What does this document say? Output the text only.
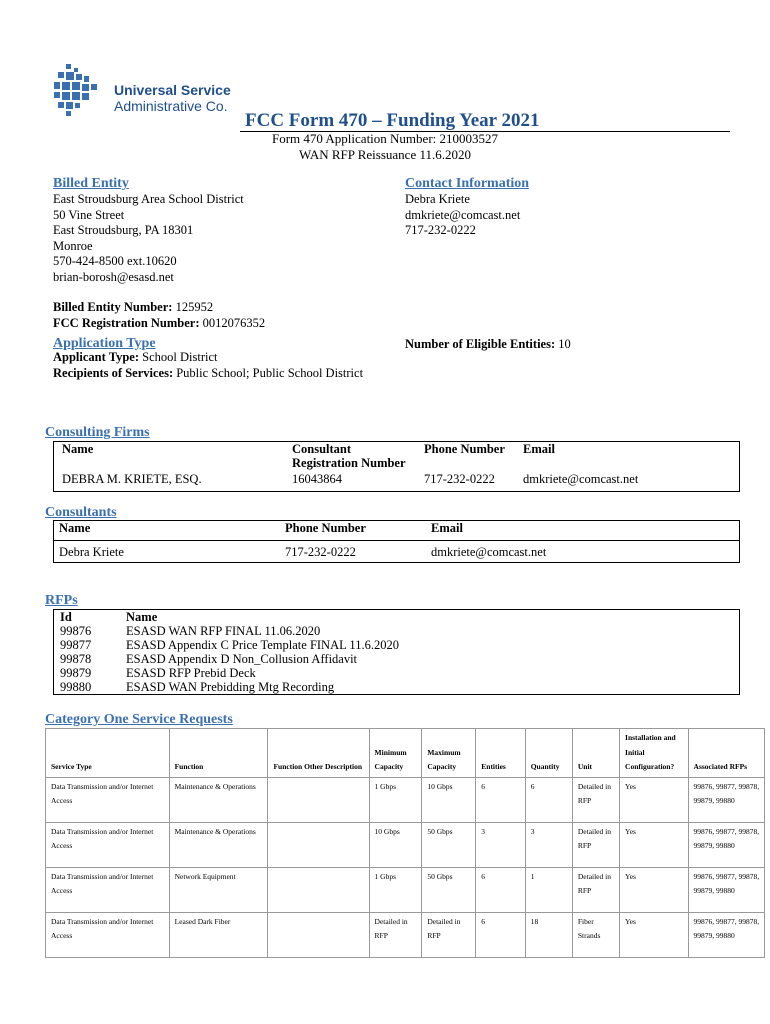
Universal Service
Administrative Co.
FCC Form 470 – Funding Year 2021
Form 470 Application Number: 210003527
WAN RFP Reissuance 11.6.2020
Billed Entity
East Stroudsburg Area School District
50 Vine Street
East Stroudsburg, PA 18301
Monroe
570-424-8500 ext.10620
brian-borosh@esasd.net
Contact Information
Debra Kriete
dmkriete@comcast.net
717-232-0222
Billed Entity Number: 125952
FCC Registration Number: 0012076352
Application Type	Number of Eligible Entities: 10
Applicant Type: School District
Recipients of Services: Public School; Public School District
Consulting Firms
Name	Consultant Registration Number	Phone Number	Email
DEBRA M. KRIETE, ESQ.	16043864	717-232-0222	dmkriete@comcast.net
Consultants
Name	Phone Number	Email
Debra Kriete	717-232-0222	dmkriete@comcast.net
RFPs
Id	Name
99876	ESASD WAN RFP FINAL 11.06.2020
99877	ESASD Appendix C Price Template FINAL 11.6.2020
99878	ESASD Appendix D Non_Collusion Affidavit
99879	ESASD RFP Prebid Deck
99880	ESASD WAN Prebidding Mtg Recording
Category One Service Requests
Service Type	Function	Function Other Description	Minimum Capacity	Maximum Capacity	Entities	Quantity	Unit	Installation and Initial Configuration?	Associated RFPs
Data Transmission and/or Internet Access	Maintenance & Operations		1 Gbps	10 Gbps	6	6	Detailed in RFP	Yes	99876, 99877, 99878, 99879, 99880
Data Transmission and/or Internet Access	Maintenance & Operations		10 Gbps	50 Gbps	3	3	Detailed in RFP	Yes	99876, 99877, 99878, 99879, 99880
Data Transmission and/or Internet Access	Network Equipment		1 Gbps	50 Gbps	6	1	Detailed in RFP	Yes	99876, 99877, 99878, 99879, 99880
Data Transmission and/or Internet Access	Leased Dark Fiber		Detailed in RFP	Detailed in RFP	6	18	Fiber Strands	Yes	99876, 99877, 99878, 99879, 99880
